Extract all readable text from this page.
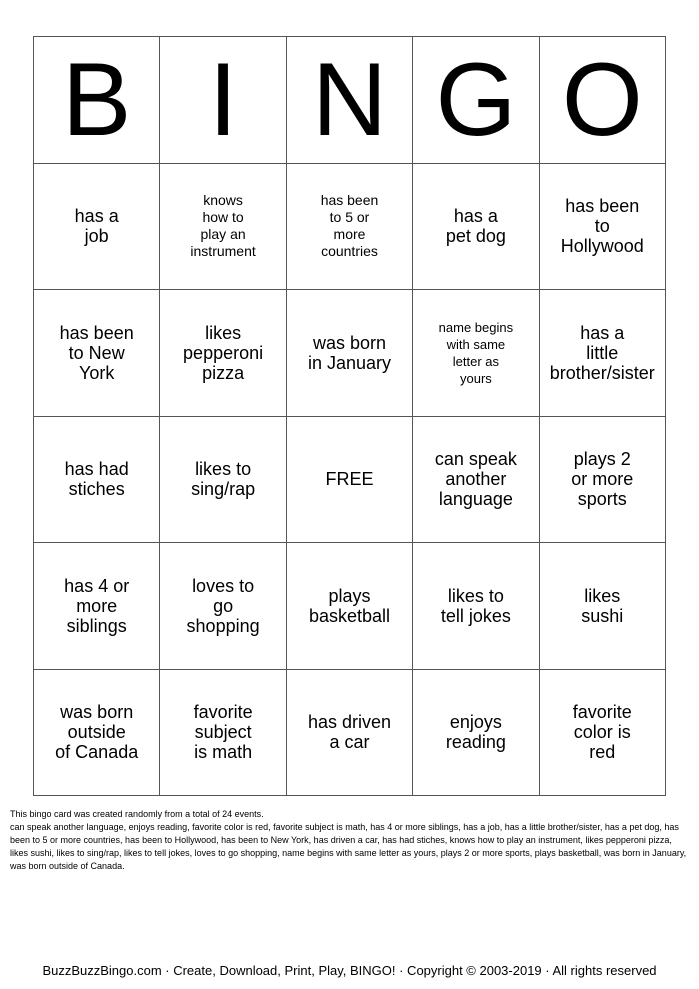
B I N G O
has a
job
knows
how to
play an
instrument
has been
to 5 or
more
countries
has a
pet dog
has been
to
Hollywood
has been
to New
York
likes
pepperoni
pizza
was born
in January
name begins
with same
letter as
yours
has a
little
brother/sister
has had
stiches
likes to
sing/rap	FREE
can speak
another
language
plays 2
or more
sports
has 4 or
more
siblings
loves to
go
shopping
plays
basketball
likes to
tell jokes
likes
sushi
was born
outside
of Canada
favorite
subject
is math
has driven
a car
enjoys
reading
favorite
color is
red

This bingo card was created randomly from a total of 24 events.

can speak another language, enjoys reading, favorite color is red, favorite subject is math, has 4 or more siblings, has a job, has a little brother/sister, has a pet dog, has been to 5 or more countries, has been to Hollywood, has been to New York, has driven a car, has had stiches, knows how to play an instrument, likes pepperoni pizza, likes sushi, likes to sing/rap, likes to tell jokes, loves to go shopping, name begins with same letter as yours, plays 2 or more sports, plays basketball, was born in January, was born outside of Canada.

BuzzBuzzBingo.com · Create, Download, Print, Play, BINGO! · Copyright © 2003-2019 · All rights reserved
